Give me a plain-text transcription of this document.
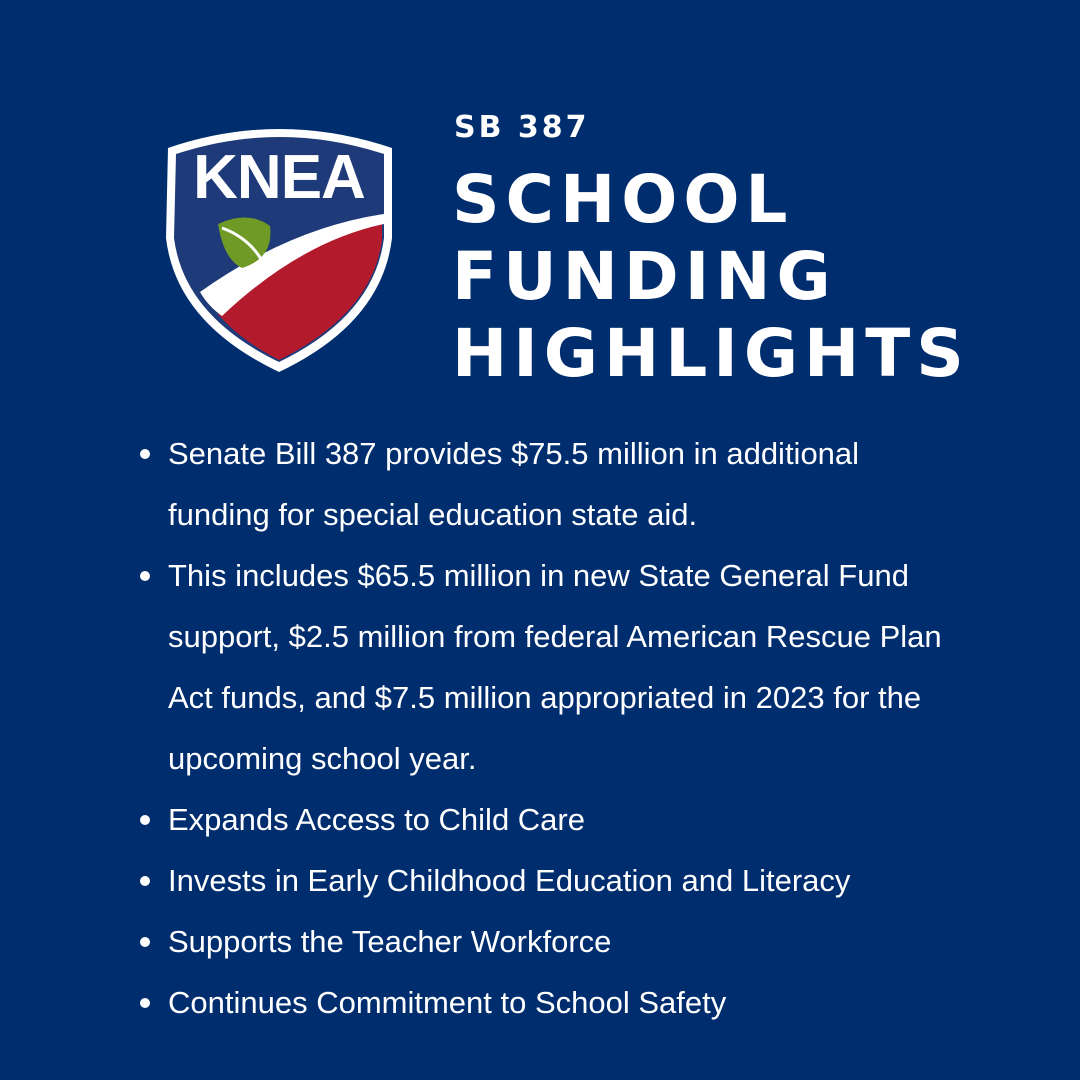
KNEA
SB 387
SCHOOL
FUNDING
HIGHLIGHTS
Senate Bill 387 provides $75.5 million in additional funding for special education state aid.
This includes $65.5 million in new State General Fund support, $2.5 million from federal American Rescue Plan Act funds, and $7.5 million appropriated in 2023 for the upcoming school year.
Expands Access to Child Care
Invests in Early Childhood Education and Literacy
Supports the Teacher Workforce
Continues Commitment to School Safety
